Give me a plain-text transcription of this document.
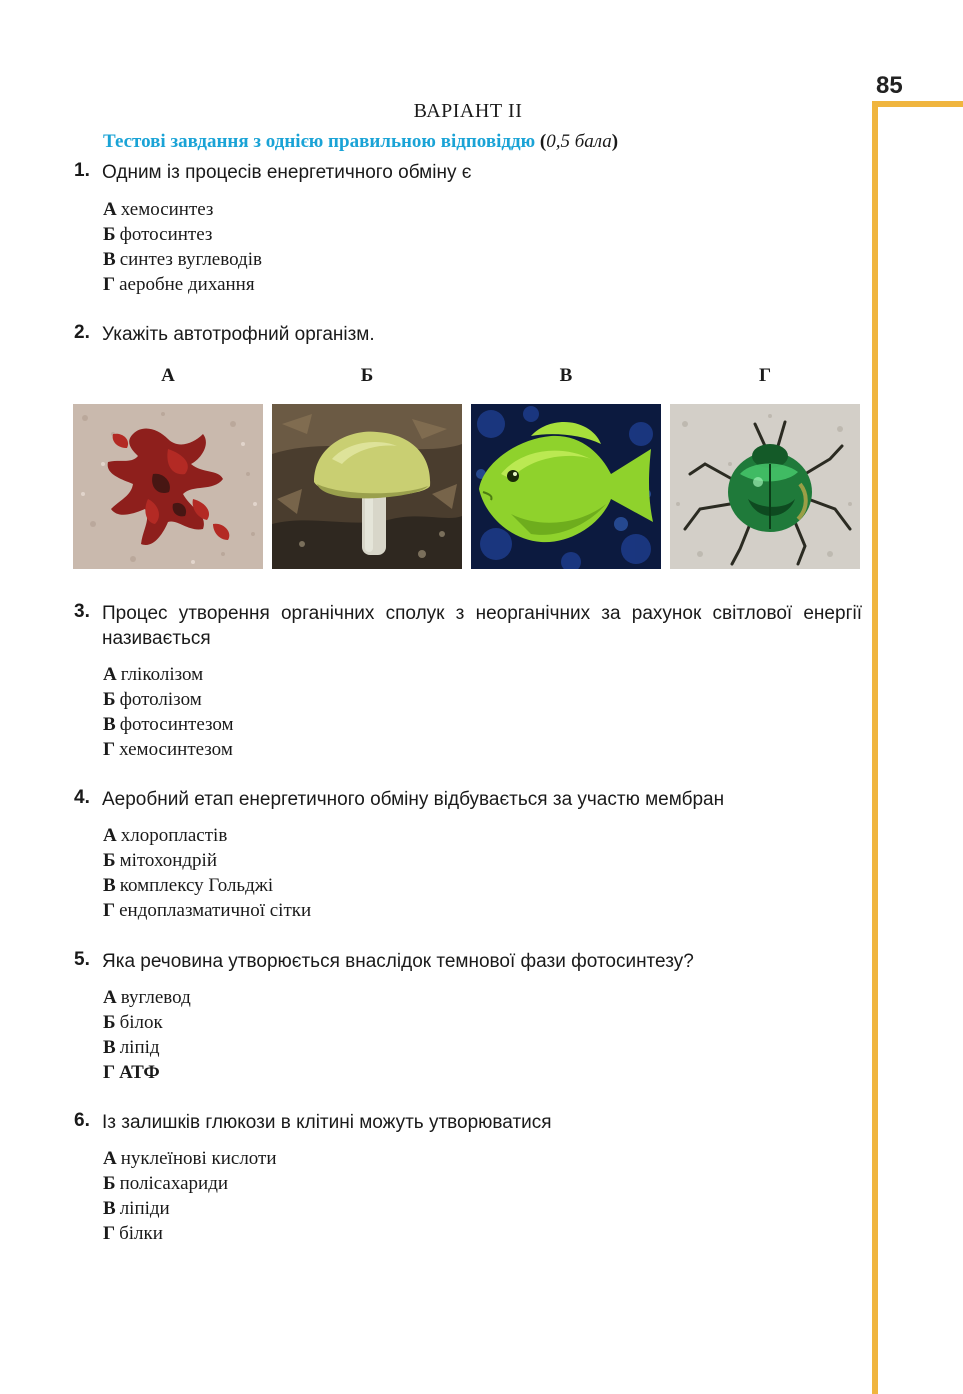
85
ВАРІАНТ ІІ
Тестові завдання з однією правильною відповіддю (0,5 бала)
1. Одним із процесів енергетичного обміну є
А хемосинтез
Б фотосинтез
В синтез вуглеводів
Г аеробне дихання
2. Укажіть автотрофний організм.
А	Б	В	Г
3. Процес утворення органічних сполук з неорганічних за рахунок світлової енергії називається
А гліколізом
Б фотолізом
В фотосинтезом
Г хемосинтезом
4. Аеробний етап енергетичного обміну відбувається за участю мембран
А хлоропластів
Б мітохондрій
В комплексу Гольджі
Г ендоплазматичної сітки
5. Яка речовина утворюється внаслідок темнової фази фотосинтезу?
А вуглевод
Б білок
В ліпід
Г АТФ
6. Із залишків глюкози в клітині можуть утворюватися
А нуклеїнові кислоти
Б полісахариди
В ліпіди
Г білки
